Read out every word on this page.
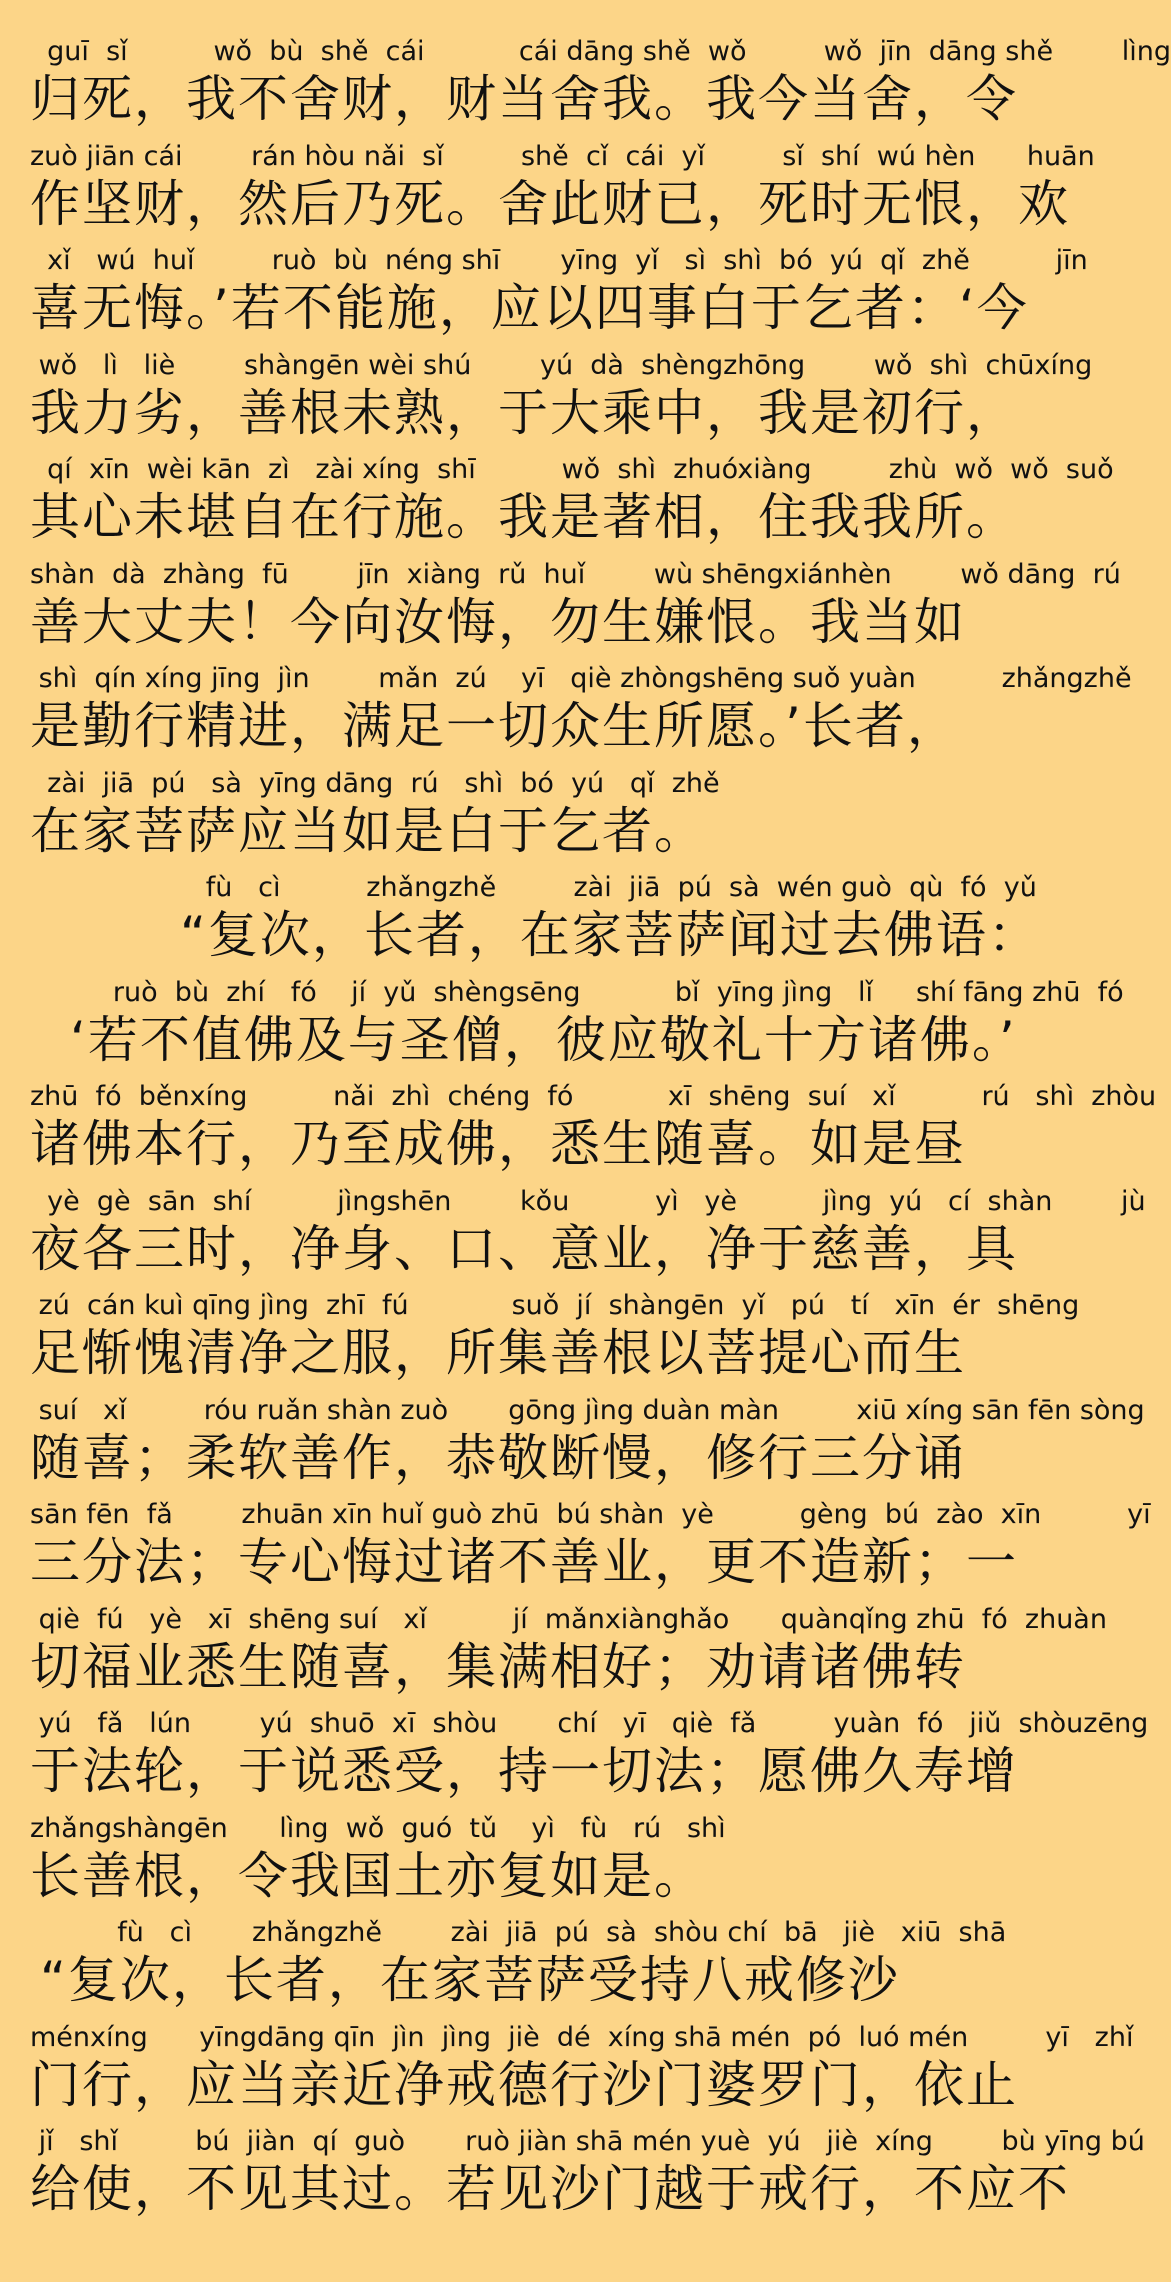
guī  sǐ          wǒ  bù  shě  cái           cái dāng shě  wǒ         wǒ  jīn  dāng shě        lìng
归死，我不舍财，财当舍我。我今当舍，令
zuò jiān cái        rán hòu nǎi  sǐ         shě  cǐ  cái  yǐ         sǐ  shí  wú hèn      huān
作坚财，然后乃死。舍此财已，死时无恨，欢
xǐ   wú  huǐ         ruò  bù  néng shī       yīng  yǐ   sì  shì  bó  yú  qǐ  zhě          jīn
喜无悔。’若不能施，应以四事白于乞者：‘今
wǒ   lì   liè        shàngēn wèi shú        yú  dà  shèngzhōng        wǒ  shì  chūxíng
我力劣，善根未熟，于大乘中，我是初行，
qí  xīn  wèi kān  zì   zài xíng  shī          wǒ  shì  zhuóxiàng         zhù  wǒ  wǒ  suǒ
其心未堪自在行施。我是著相，住我我所。
shàn  dà  zhàng  fū        jīn  xiàng  rǔ  huǐ        wù shēngxiánhèn        wǒ dāng  rú
善大丈夫！今向汝悔，勿生嫌恨。我当如
shì  qín xíng jīng  jìn        mǎn  zú    yī   qiè zhòngshēng suǒ yuàn          zhǎngzhě
是勤行精进，满足一切众生所愿。’长者，
zài  jiā  pú   sà  yīng dāng  rú   shì  bó  yú   qǐ  zhě
在家菩萨应当如是白于乞者。
fù   cì          zhǎngzhě         zài  jiā  pú  sà  wén guò  qù  fó  yǔ
“复次，长者，在家菩萨闻过去佛语：
ruò  bù  zhí   fó    jí  yǔ  shèngsēng           bǐ  yīng jìng   lǐ     shí fāng zhū  fó
‘若不值佛及与圣僧，彼应敬礼十方诸佛。’
zhū  fó  běnxíng          nǎi  zhì  chéng  fó           xī  shēng  suí   xǐ          rú   shì  zhòu
诸佛本行，乃至成佛，悉生随喜。如是昼
yè  gè  sān  shí          jìngshēn        kǒu          yì   yè          jìng  yú   cí  shàn        jù
夜各三时，净身、口、意业，净于慈善，具
zú  cán kuì qīng jìng  zhī  fú            suǒ  jí  shàngēn  yǐ   pú   tí   xīn  ér  shēng
足惭愧清净之服，所集善根以菩提心而生
suí   xǐ         róu ruǎn shàn zuò       gōng jìng duàn màn         xiū xíng sān fēn sòng
随喜；柔软善作，恭敬断慢，修行三分诵
sān fēn  fǎ        zhuān xīn huǐ guò zhū  bú shàn  yè          gèng  bú  zào  xīn          yī
三分法；专心悔过诸不善业，更不造新；一
qiè  fú   yè   xī  shēng suí   xǐ          jí  mǎnxiànghǎo      quànqǐng zhū  fó  zhuàn
切福业悉生随喜，集满相好；劝请诸佛转
yú   fǎ   lún        yú  shuō  xī  shòu       chí   yī   qiè  fǎ         yuàn  fó   jiǔ  shòuzēng
于法轮，于说悉受，持一切法；愿佛久寿增
zhǎngshàngēn      lìng  wǒ  guó  tǔ    yì   fù   rú   shì
长善根，令我国土亦复如是。
fù   cì       zhǎngzhě        zài  jiā  pú  sà  shòu chí  bā   jiè   xiū  shā
“复次，长者，在家菩萨受持八戒修沙
ménxíng      yīngdāng qīn  jìn  jìng  jiè  dé  xíng shā mén  pó  luó mén         yī   zhǐ
门行，应当亲近净戒德行沙门婆罗门，依止
jǐ   shǐ         bú  jiàn  qí  guò       ruò jiàn shā mén yuè  yú   jiè  xíng        bù yīng bú
给使，不见其过。若见沙门越于戒行，不应不
